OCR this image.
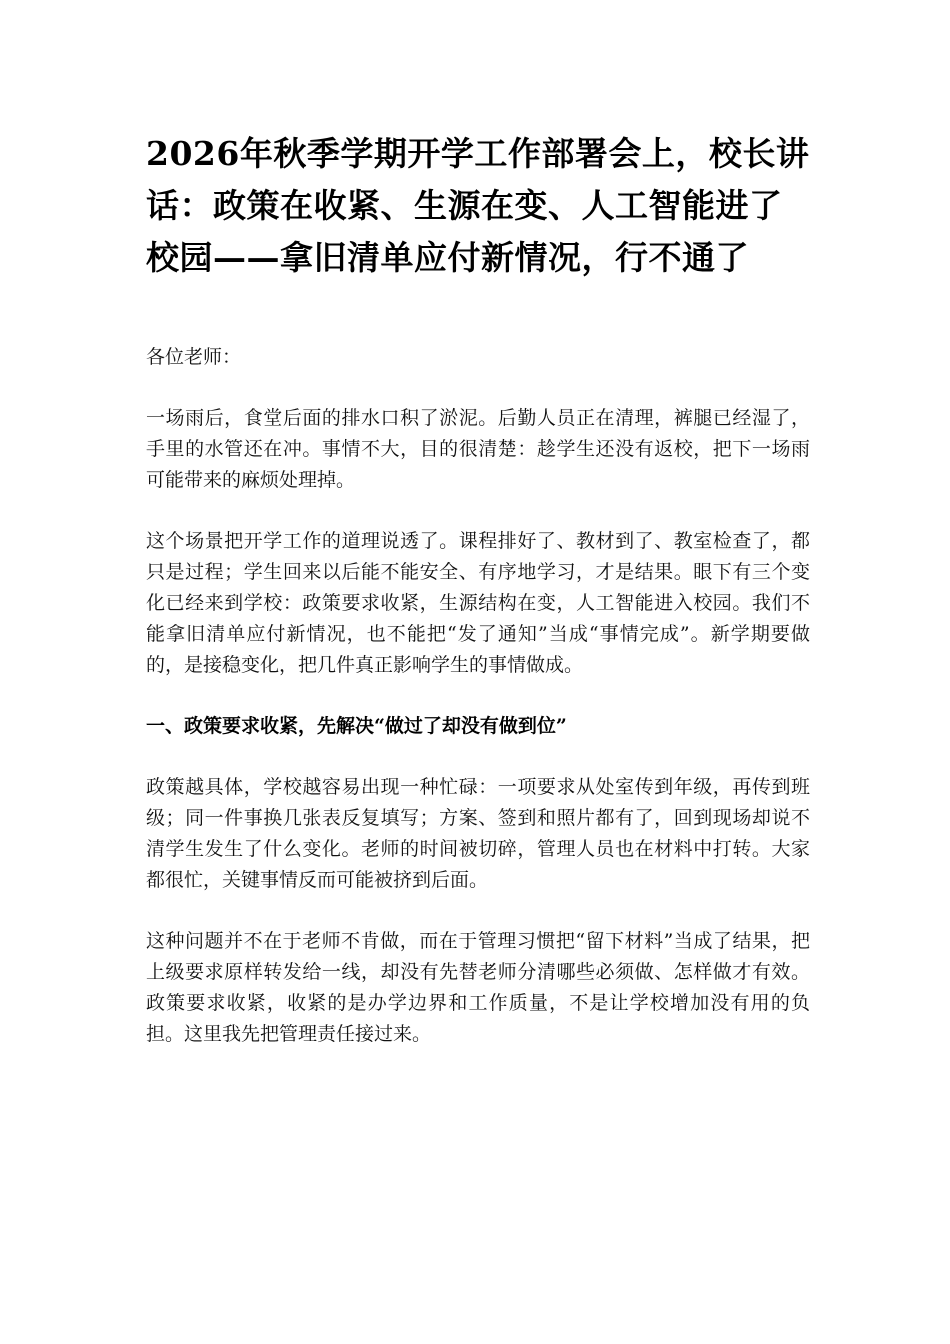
2026年秋季学期开学工作部署会上，校长讲话：政策在收紧、生源在变、人工智能进了校园——拿旧清单应付新情况，行不通了

各位老师：

一场雨后，食堂后面的排水口积了淤泥。后勤人员正在清理，裤腿已经湿了，手里的水管还在冲。事情不大，目的很清楚：趁学生还没有返校，把下一场雨可能带来的麻烦处理掉。

这个场景把开学工作的道理说透了。课程排好了、教材到了、教室检查了，都只是过程；学生回来以后能不能安全、有序地学习，才是结果。眼下有三个变化已经来到学校：政策要求收紧，生源结构在变，人工智能进入校园。我们不能拿旧清单应付新情况，也不能把“发了通知”当成“事情完成”。新学期要做的，是接稳变化，把几件真正影响学生的事情做成。

一、政策要求收紧，先解决“做过了却没有做到位”

政策越具体，学校越容易出现一种忙碌：一项要求从处室传到年级，再传到班级；同一件事换几张表反复填写；方案、签到和照片都有了，回到现场却说不清学生发生了什么变化。老师的时间被切碎，管理人员也在材料中打转。大家都很忙，关键事情反而可能被挤到后面。

这种问题并不在于老师不肯做，而在于管理习惯把“留下材料”当成了结果，把上级要求原样转发给一线，却没有先替老师分清哪些必须做、怎样做才有效。政策要求收紧，收紧的是办学边界和工作质量，不是让学校增加没有用的负担。这里我先把管理责任接过来。
